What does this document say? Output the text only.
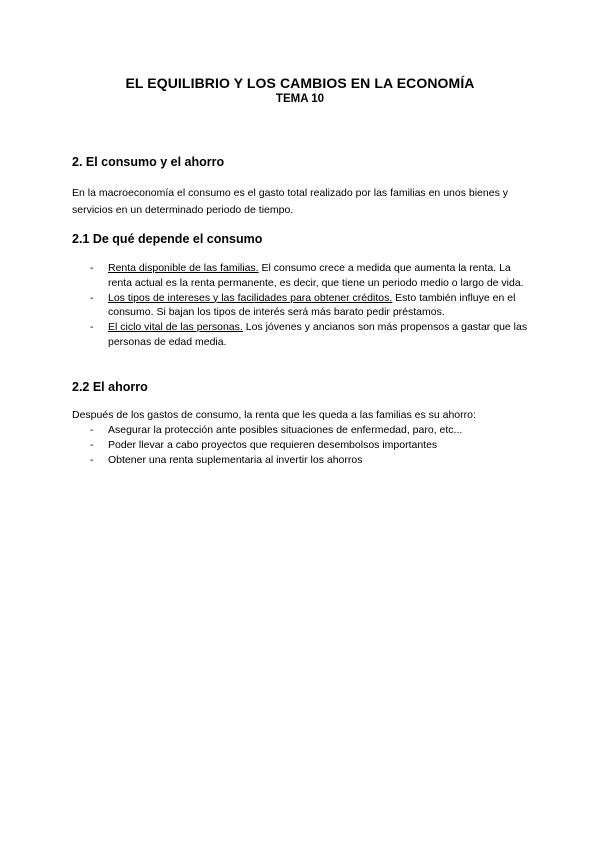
EL EQUILIBRIO Y LOS CAMBIOS EN LA ECONOMÍA
TEMA 10
2. El consumo y el ahorro
En la macroeconomía el consumo es el gasto total realizado por las familias en unos bienes y servicios en un determinado periodo de tiempo.
2.1 De qué depende el consumo
- Renta disponible de las familias. El consumo crece a medida que aumenta la renta. La renta actual es la renta permanente, es decir, que tiene un periodo medio o largo de vida.
- Los tipos de intereses y las facilidades para obtener créditos. Esto también influye en el consumo. Si bajan los tipos de interés será más barato pedir préstamos.
- El ciclo vital de las personas. Los jóvenes y ancianos son más propensos a gastar que las personas de edad media.
2.2 El ahorro
Después de los gastos de consumo, la renta que les queda a las familias es su ahorro:
- Asegurar la protección ante posibles situaciones de enfermedad, paro, etc...
- Poder llevar a cabo proyectos que requieren desembolsos importantes
- Obtener una renta suplementaria al invertir los ahorros
